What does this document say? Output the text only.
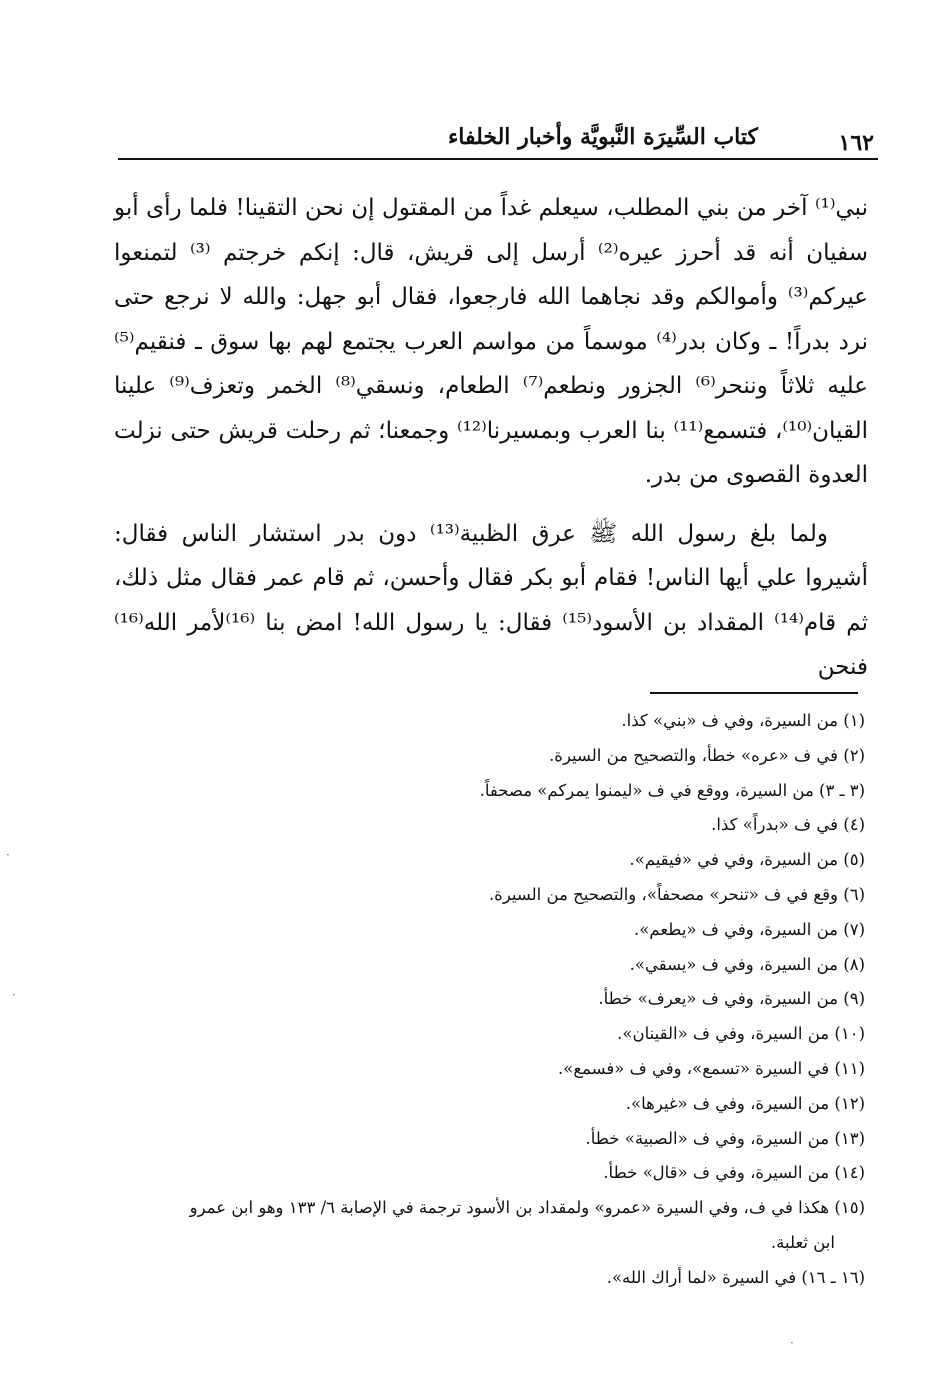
كتاب السِّيرَة النَّبويَّة وأخبار الخلفاء	١٦٢

نبي⁽¹⁾ آخر من بني المطلب، سيعلم غداً من المقتول إن نحن التقينا! فلما رأى أبو سفيان أنه قد أحرز عيره⁽²⁾ أرسل إلى قريش، قال: إنكم خرجتم ⁽³⁾ لتمنعوا عيركم⁽³⁾ وأموالكم وقد نجاهما الله فارجعوا، فقال أبو جهل: والله لا نرجع حتى نرد بدراً! ـ وكان بدر⁽⁴⁾ موسماً من مواسم العرب يجتمع لهم بها سوق ـ فنقيم⁽⁵⁾ عليه ثلاثاً وننحر⁽⁶⁾ الجزور ونطعم⁽⁷⁾ الطعام، ونسقي⁽⁸⁾ الخمر وتعزف⁽⁹⁾ علينا القيان⁽¹⁰⁾، فتسمع⁽¹¹⁾ بنا العرب وبمسيرنا⁽¹²⁾ وجمعنا؛ ثم رحلت قريش حتى نزلت العدوة القصوى من بدر.

ولما بلغ رسول الله ﷺ عرق الظبية⁽¹³⁾ دون بدر استشار الناس فقال: أشيروا علي أيها الناس! فقام أبو بكر فقال وأحسن، ثم قام عمر فقال مثل ذلك، ثم قام⁽¹⁴⁾ المقداد بن الأسود⁽¹⁵⁾ فقال: يا رسول الله! امض بنا ⁽¹⁶⁾لأمر الله⁽¹⁶⁾ فنحن

(١) من السيرة، وفي ف «بني» كذا.

(٢) في ف «عره» خطأ، والتصحيح من السيرة.

(٣ ـ ٣) من السيرة، ووقع في ف «ليمنوا يمركم» مصحفاً.

(٤) في ف «بدراً» كذا.

(٥) من السيرة، وفي في «فيقيم».

(٦) وقع في ف «تنحر» مصحفاً»، والتصحيح من السيرة.

(٧) من السيرة، وفي ف «يطعم».

(٨) من السيرة، وفي ف «يسقي».

(٩) من السيرة، وفي ف «يعرف» خطأ.

(١٠) من السيرة، وفي ف «القينان».

(١١) في السيرة «تسمع»، وفي ف «فسمع».

(١٢) من السيرة، وفي ف «غيرها».

(١٣) من السيرة، وفي ف «الصبية» خطأ.

(١٤) من السيرة، وفي ف «قال» خطأ.

(١٥) هكذا في ف، وفي السيرة «عمرو» ولمقداد بن الأسود ترجمة في الإصابة ٦/ ١٣٣ وهو ابن عمرو

ابن ثعلبة.

(١٦ ـ ١٦) في السيرة «لما أراك الله».

·
·
·
